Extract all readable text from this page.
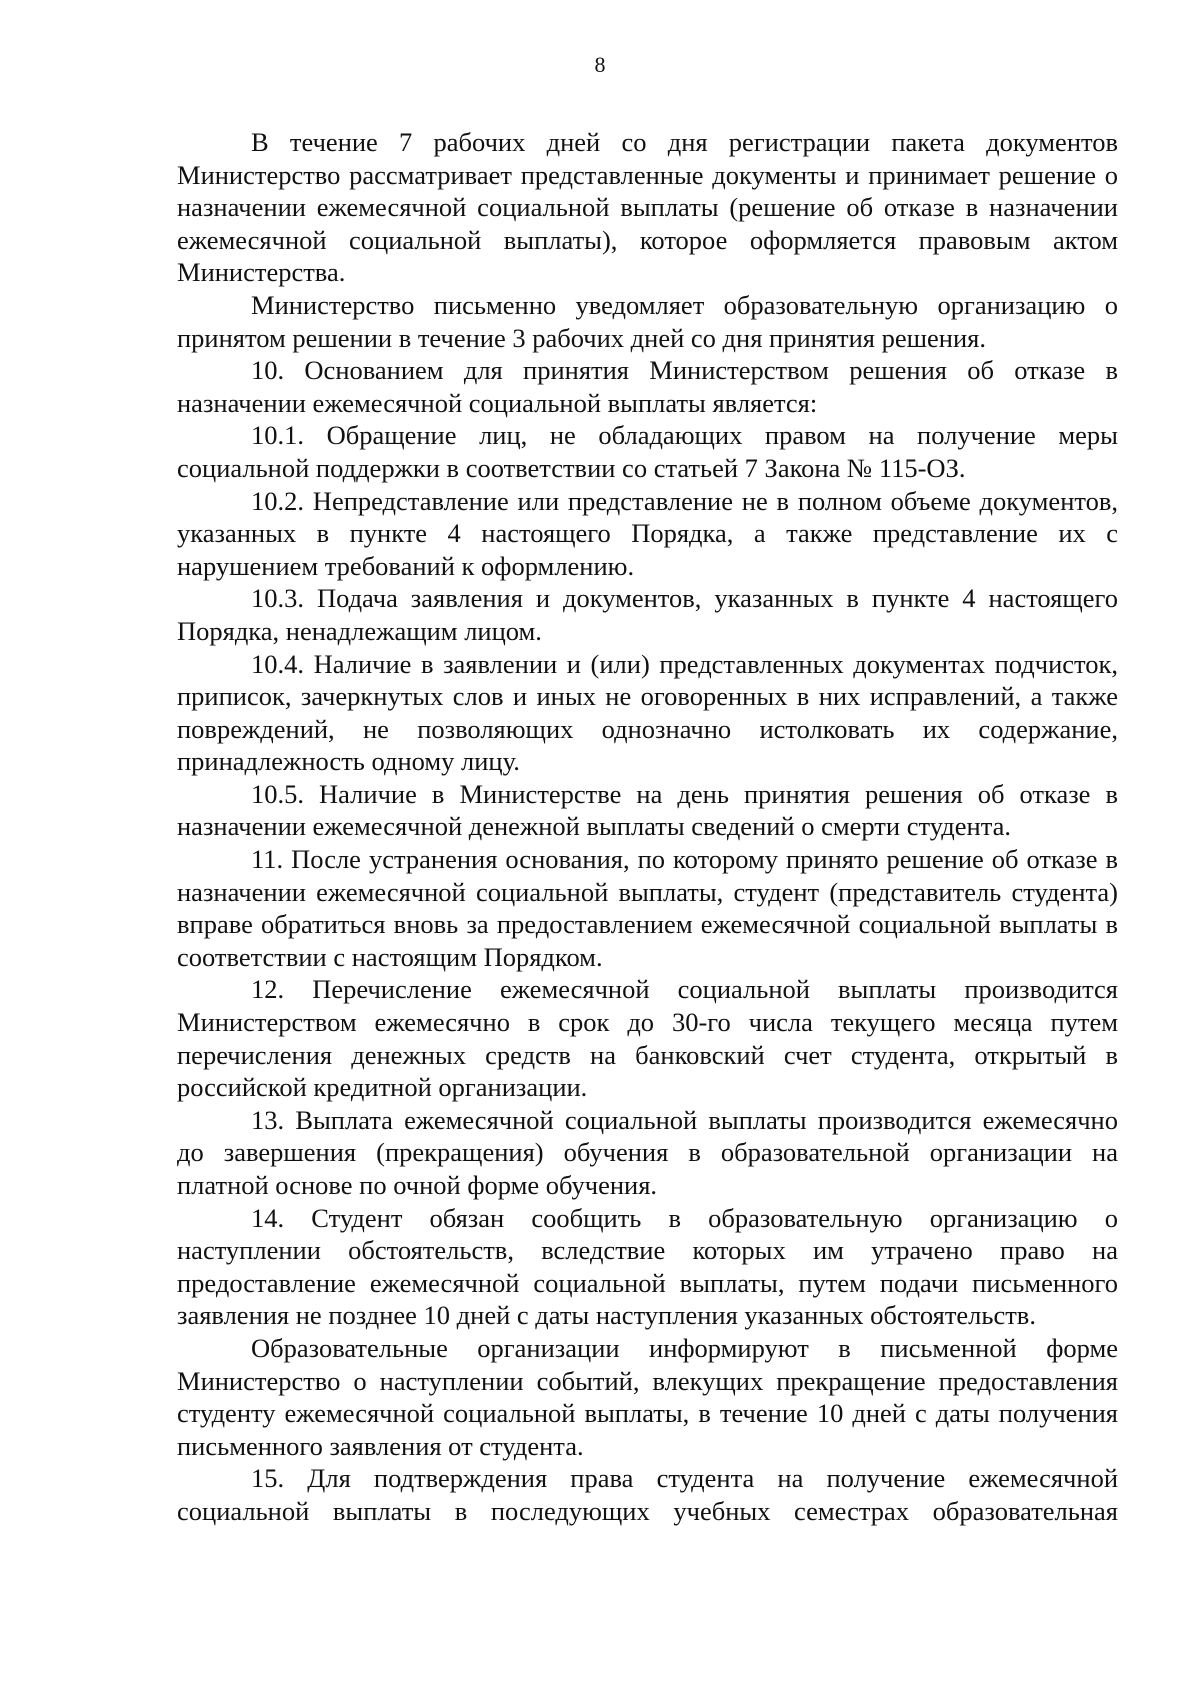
8

В течение 7 рабочих дней со дня регистрации пакета документов Министерство рассматривает представленные документы и принимает решение о назначении ежемесячной социальной выплаты (решение об отказе в назначении ежемесячной социальной выплаты), которое оформляется правовым актом Министерства.

Министерство письменно уведомляет образовательную организацию о принятом решении в течение 3 рабочих дней со дня принятия решения.

10. Основанием для принятия Министерством решения об отказе в назначении ежемесячной социальной выплаты является:

10.1. Обращение лиц, не обладающих правом на получение меры социальной поддержки в соответствии со статьей 7 Закона № 115-ОЗ.

10.2. Непредставление или представление не в полном объеме документов, указанных в пункте 4 настоящего Порядка, а также представление их с нарушением требований к оформлению.

10.3. Подача заявления и документов, указанных в пункте 4 настоящего Порядка, ненадлежащим лицом.

10.4. Наличие в заявлении и (или) представленных документах подчисток, приписок, зачеркнутых слов и иных не оговоренных в них исправлений, а также повреждений, не позволяющих однозначно истолковать их содержание, принадлежность одному лицу.

10.5. Наличие в Министерстве на день принятия решения об отказе в назначении ежемесячной денежной выплаты сведений о смерти студента.

11. После устранения основания, по которому принято решение об отказе в назначении ежемесячной социальной выплаты, студент (представитель студента) вправе обратиться вновь за предоставлением ежемесячной социальной выплаты в соответствии с настоящим Порядком.

12. Перечисление ежемесячной социальной выплаты производится Министерством ежемесячно в срок до 30-го числа текущего месяца путем перечисления денежных средств на банковский счет студента, открытый в российской кредитной организации.

13. Выплата ежемесячной социальной выплаты производится ежемесячно до завершения (прекращения) обучения в образовательной организации на платной основе по очной форме обучения.

14. Студент обязан сообщить в образовательную организацию о наступлении обстоятельств, вследствие которых им утрачено право на предоставление ежемесячной социальной выплаты, путем подачи письменного заявления не позднее 10 дней с даты наступления указанных обстоятельств.

Образовательные организации информируют в письменной форме Министерство о наступлении событий, влекущих прекращение предоставления студенту ежемесячной социальной выплаты, в течение 10 дней с даты получения письменного заявления от студента.

15. Для подтверждения права студента на получение ежемесячной социальной выплаты в последующих учебных семестрах образовательная
